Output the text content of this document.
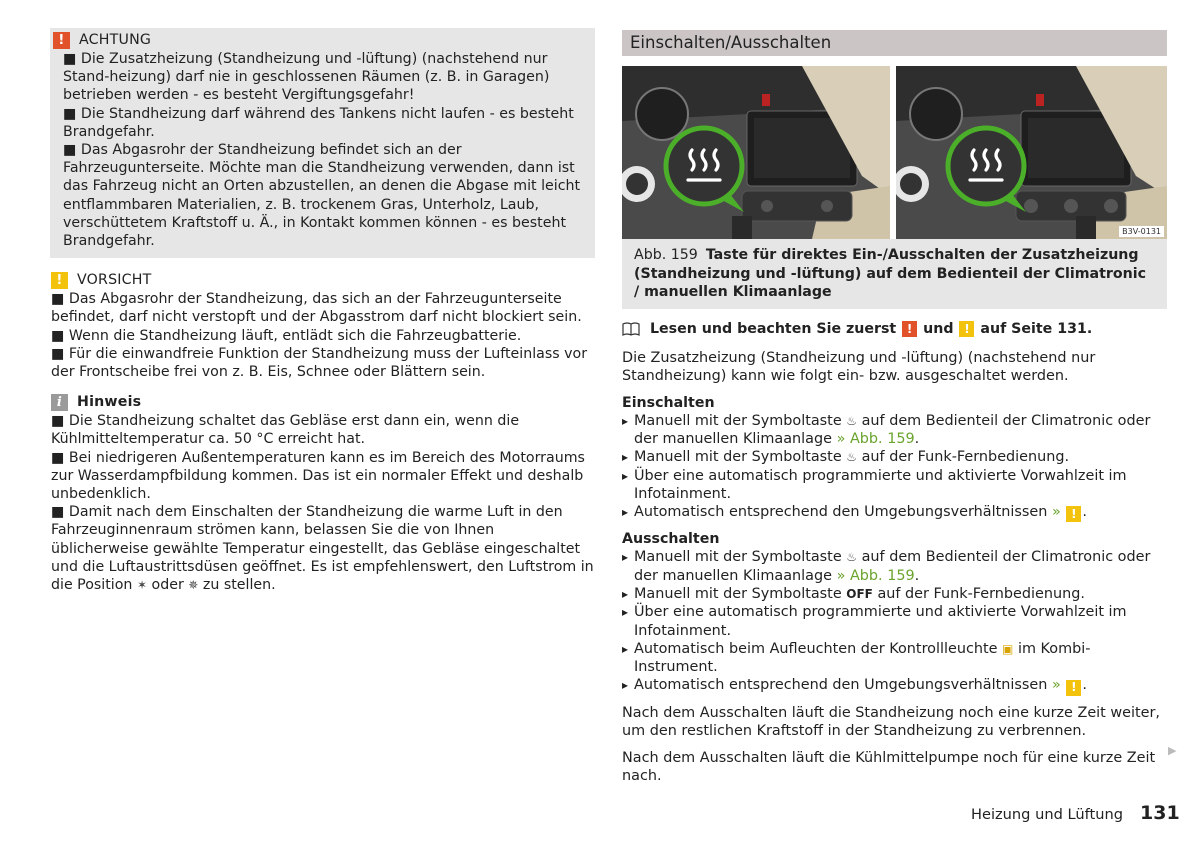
!	ACHTUNG

■ Die Zusatzheizung (Standheizung und -lüftung) (nachstehend nur Stand-heizung) darf nie in geschlossenen Räumen (z. B. in Garagen) betrieben werden - es besteht Vergiftungsgefahr!

■ Die Standheizung darf während des Tankens nicht laufen - es besteht Brandgefahr.

■ Das Abgasrohr der Standheizung befindet sich an der Fahrzeugunterseite. Möchte man die Standheizung verwenden, dann ist das Fahrzeug nicht an Orten abzustellen, an denen die Abgase mit leicht entflammbaren Materialien, z. B. trockenem Gras, Unterholz, Laub, verschüttetem Kraftstoff u. Ä., in Kontakt kommen können - es besteht Brandgefahr.

!	VORSICHT

■ Das Abgasrohr der Standheizung, das sich an der Fahrzeugunterseite befindet, darf nicht verstopft und der Abgasstrom darf nicht blockiert sein.

■ Wenn die Standheizung läuft, entlädt sich die Fahrzeugbatterie.

■ Für die einwandfreie Funktion der Standheizung muss der Lufteinlass vor der Frontscheibe frei von z. B. Eis, Schnee oder Blättern sein.

i	Hinweis

■ Die Standheizung schaltet das Gebläse erst dann ein, wenn die Kühlmitteltemperatur ca. 50 °C erreicht hat.

■ Bei niedrigeren Außentemperaturen kann es im Bereich des Motorraums zur Wasserdampfbildung kommen. Das ist ein normaler Effekt und deshalb unbedenklich.

■ Damit nach dem Einschalten der Standheizung die warme Luft in den Fahrzeuginnenraum strömen kann, belassen Sie die von Ihnen üblicherweise gewählte Temperatur eingestellt, das Gebläse eingeschaltet und die Luftaustrittsdüsen geöffnet. Es ist empfehlenswert, den Luftstrom in die Position ✶ oder ✵ zu stellen.

Einschalten/Ausschalten
B3V-0131
Abb. 159 Taste für direktes Ein-/Ausschalten der Zusatzheizung (Standheizung und -lüftung) auf dem Bedienteil der Climatronic / manuellen Klimaanlage
Lesen und beachten Sie zuerst
!
und
!
auf Seite 131.

Die Zusatzheizung (Standheizung und -lüftung) (nachstehend nur Standheizung) kann wie folgt ein- bzw. ausgeschaltet werden.

Einschalten
▸ Manuell mit der Symboltaste ♨ auf dem Bedienteil der Climatronic oder der manuellen Klimaanlage » Abb. 159.
▸ Manuell mit der Symboltaste ♨ auf der Funk-Fernbedienung.
▸ Über eine automatisch programmierte und aktivierte Vorwahlzeit im Infotainment.
▸ Automatisch entsprechend den Umgebungsverhältnissen » ! .
Ausschalten
▸ Manuell mit der Symboltaste ♨ auf dem Bedienteil der Climatronic oder der manuellen Klimaanlage » Abb. 159.
▸ Manuell mit der Symboltaste OFF auf der Funk-Fernbedienung.
▸ Über eine automatisch programmierte und aktivierte Vorwahlzeit im Infotainment.
▸ Automatisch beim Aufleuchten der Kontrollleuchte ▣ im Kombi-Instrument.
▸ Automatisch entsprechend den Umgebungsverhältnissen » ! .

Nach dem Ausschalten läuft die Standheizung noch eine kurze Zeit weiter, um den restlichen Kraftstoff in der Standheizung zu verbrennen.

Nach dem Ausschalten läuft die Kühlmittelpumpe noch für eine kurze Zeit nach.

▶
Heizung und Lüftung 131
